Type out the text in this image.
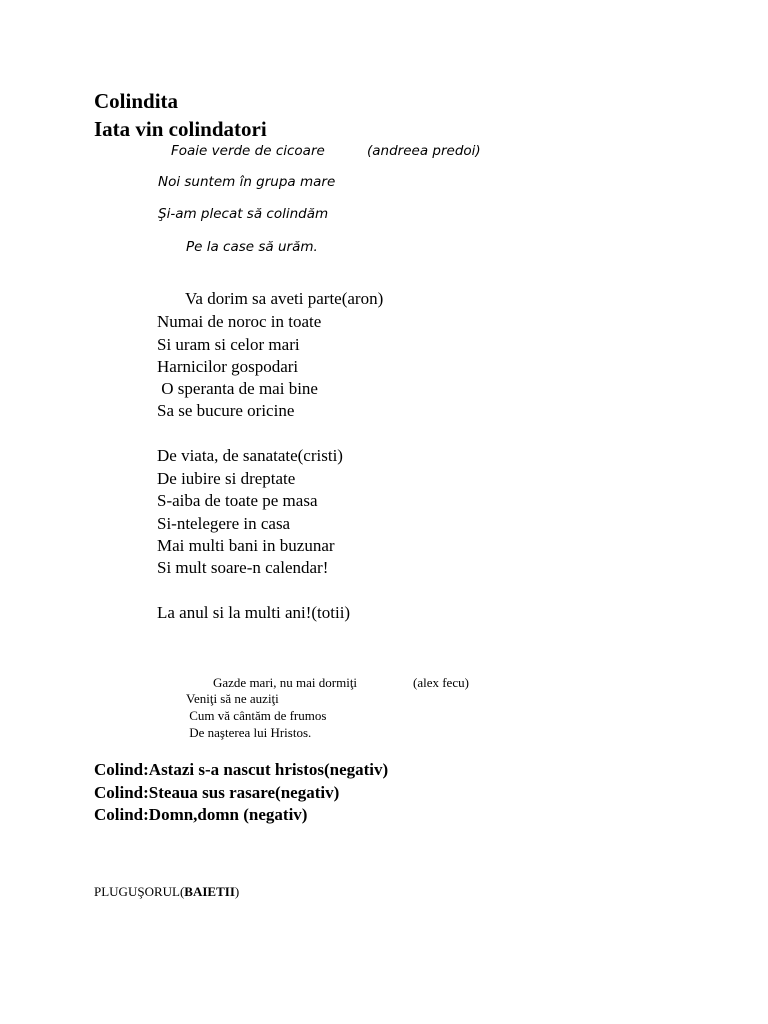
Colindita
Iata vin colindatori
Foaie verde de cicoare	(andreea predoi)
Noi suntem în grupa mare
Şi-am plecat să colindăm
Pe la case să urăm.
Va dorim sa aveti parte(aron)
Numai de noroc in toate
Si uram si celor mari
Harnicilor gospodari
O speranta de mai bine
Sa se bucure oricine
De viata, de sanatate(cristi)
De iubire si dreptate
S-aiba de toate pe masa
Si-ntelegere in casa
Mai multi bani in buzunar
Si mult soare-n calendar!
La anul si la multi ani!(totii)
Gazde mari, nu mai dormiţi	(alex fecu)
Veniţi să ne auziţi
Cum vă cântăm de frumos
De naşterea lui Hristos.
Colind:Astazi s-a nascut hristos(negativ)
Colind:Steaua sus rasare(negativ)
Colind:Domn,domn (negativ)
PLUGUŞORUL(BAIETII)
